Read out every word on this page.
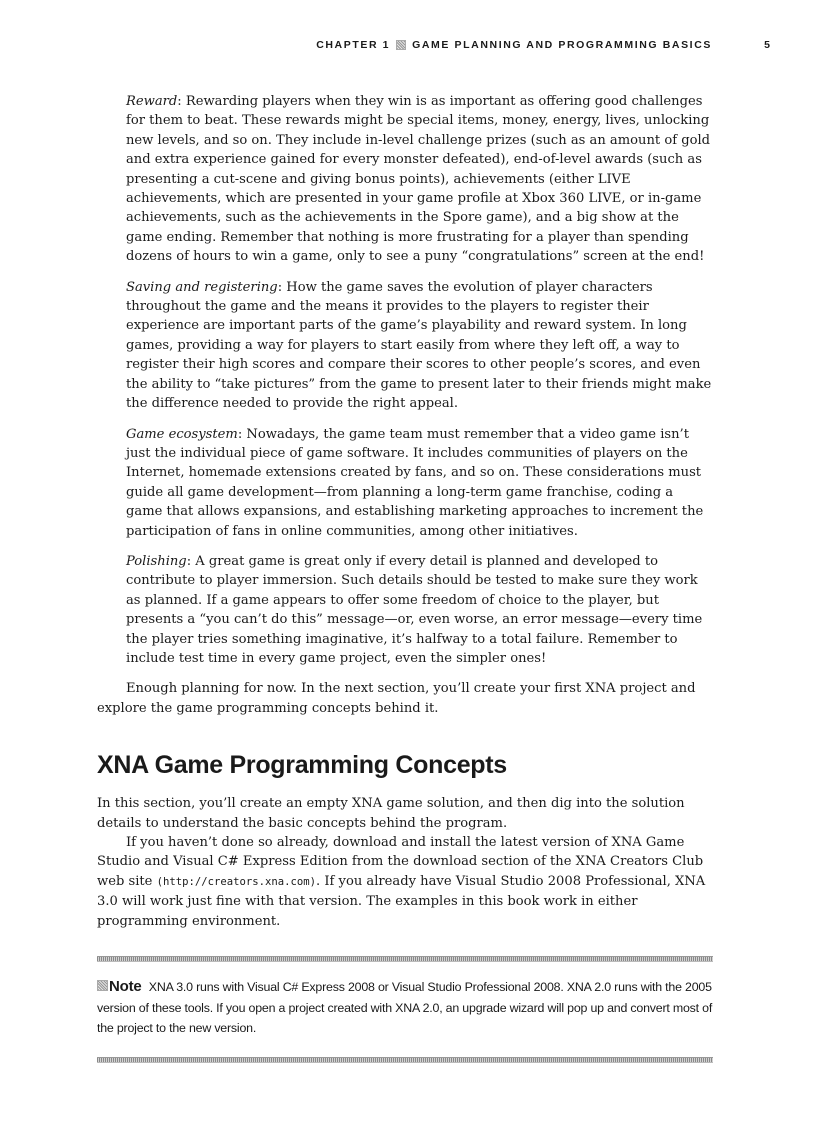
CHAPTER 1 GAME PLANNING AND PROGRAMMING BASICS	5

Reward: Rewarding players when they win is as important as offering good challenges for them to beat. These rewards might be special items, money, energy, lives, unlocking new levels, and so on. They include in-level challenge prizes (such as an amount of gold and extra experience gained for every monster defeated), end-of-level awards (such as presenting a cut-scene and giving bonus points), achievements (either LIVE achievements, which are presented in your game profile at Xbox 360 LIVE, or in-game achievements, such as the achievements in the Spore game), and a big show at the game ending. Remember that nothing is more frustrating for a player than spending dozens of hours to win a game, only to see a puny “congratulations” screen at the end!

Saving and registering: How the game saves the evolution of player characters throughout the game and the means it provides to the players to register their experience are important parts of the game’s playability and reward system. In long games, providing a way for players to start easily from where they left off, a way to register their high scores and compare their scores to other people’s scores, and even the ability to “take pictures” from the game to present later to their friends might make the difference needed to provide the right appeal.

Game ecosystem: Nowadays, the game team must remember that a video game isn’t just the individual piece of game software. It includes communities of players on the Internet, homemade extensions created by fans, and so on. These considerations must guide all game development—from planning a long-term game franchise, coding a game that allows expansions, and establishing marketing approaches to increment the participation of fans in online communities, among other initiatives.

Polishing: A great game is great only if every detail is planned and developed to contribute to player immersion. Such details should be tested to make sure they work as planned. If a game appears to offer some freedom of choice to the player, but presents a “you can’t do this” message—or, even worse, an error message—every time the player tries something imaginative, it’s halfway to a total failure. Remember to include test time in every game project, even the simpler ones!

Enough planning for now. In the next section, you’ll create your first XNA project and explore the game programming concepts behind it.

XNA Game Programming Concepts

In this section, you’ll create an empty XNA game solution, and then dig into the solution details to understand the basic concepts behind the program.

If you haven’t done so already, download and install the latest version of XNA Game Studio and Visual C# Express Edition from the download section of the XNA Creators Club web site (http://creators.xna.com). If you already have Visual Studio 2008 Professional, XNA 3.0 will work just fine with that version. The examples in this book work in either programming environment.

Note XNA 3.0 runs with Visual C# Express 2008 or Visual Studio Professional 2008. XNA 2.0 runs with the 2005 version of these tools. If you open a project created with XNA 2.0, an upgrade wizard will pop up and convert most of the project to the new version.
